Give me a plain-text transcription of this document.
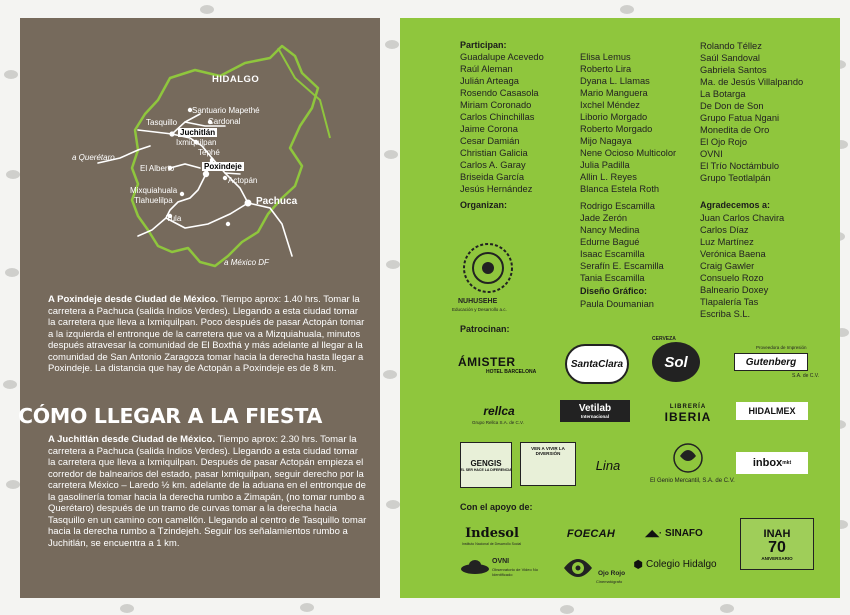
HIDALGO
Santuario Mapethé
Cardonal
Tasquillo
Juchitlán
Ixmiquilpan
Tephé
a Querétaro
El Alberto	Poxindeje
Actopán
Mixquiahuala
Tlahuelilpa
Tula
Pachuca
a México DF
A Poxindeje desde Ciudad de México. Tiempo aprox: 1.40 hrs. Tomar la carretera a Pachuca (salida Indios Verdes). Llegando a esta ciudad tomar la carretera que lleva a Ixmiquilpan. Poco después de pasar Actopán tomar a la izquierda el entronque de la carretera que va a Mizquiahuala, minutos después atravesar la comunidad de El Boxthá y más adelante al llegar a la comunidad de San Antonio Zaragoza tomar hacia la derecha hasta llegar a Poxindeje. La distancia que hay de Actopán a Poxindeje es de 8 km.
CÓMO LLEGAR A LA FIESTA
A Juchitlán desde Ciudad de México. Tiempo aprox: 2.30 hrs. Tomar la carretera a Pachuca (salida Indios Verdes). Llegando a esta ciudad tomar la carretera que lleva a Ixmiquilpan. Después de pasar Actopán empieza el corredor de balnearios del estado, pasar Ixmiquilpan, seguir derecho por la carretera México – Laredo ½ km. adelante de la aduana en el entronque de la gasolinería tomar hacia la derecha rumbo a Zimapán, (no tomar rumbo a Querétaro) después de un tramo de curvas tomar a la derecha hacia Tasquillo en un camino con camellón. Llegando al centro de Tasquillo tomar hacia la derecha rumbo a Tzindejeh. Seguir los señalamientos rumbo a Juchitlán, se encuentra a 1 km.
Participan:
Guadalupe Acevedo
Raúl Aleman
Julián Arteaga
Rosendo Casasola
Miriam Coronado
Carlos Chinchillas
Jaime Corona
Cesar Damián
Christian Galicia
Carlos A. Garay
Briseida García
Jesús Hernández
Elisa Lemus
Roberto Lira
Dyana L. Llamas
Mario Manguera
Ixchel Méndez
Liborio Morgado
Roberto Morgado
Mijo Nagaya
Nene Ocioso Multicolor
Julia Padilla
Allin L. Reyes
Blanca Estela Roth
Rolando Téllez
Saúl Sandoval
Gabriela Santos
Ma. de Jesús Villalpando
La Botarga
De Don de Son
Grupo Fatua Ngani
Monedita de Oro
El Ojo Rojo
OVNI
El Trío Noctámbulo
Grupo Teotlalpán
Organizan:	Rodrigo Escamilla
Jade Zerón
Nancy Medina
Edurne Bagué
Isaac Escamilla
Serafín E. Escamilla
Tania Escamilla
NUHUSEHE
Educación y Desarrollo a.c.
Diseño Gráfico:
Paula Doumanian
Agradecemos a:
Juan Carlos Chavira
Carlos Díaz
Luz Martínez
Verónica Baena
Craig Gawler
Consuelo Rozo
Balneario Doxey
Tlapalería Tas
Escriba S.L.
Patrocinan:
ÁMISTER
HOTEL BARCELONA
SantaClara
CERVEZA
Sol
Proveedora de Impresión
Gutenberg
S.A. de C.V.
rellca
Grupo Rellca S.A. de C.V.
Vetilab
Internacional
LIBRERÍA
IBERIA	HIDALMEX
GENGIS
EL SER HACE LA DIFERENCIA
VEN A VIVIR LA DIVERSIÓN
Lina
El Genio Mercantil, S.A. de C.V.
inbox mkt
Con el apoyo de:
Indesol
Instituto Nacional de Desarrollo Social
FOECAH	◢◣· SINAFO	INAH
70
ANIVERSARIO
OVNI
Observatorio de Video No Identificado	Ojo Rojo
Cinematógrafo
⬢ Colegio Hidalgo
